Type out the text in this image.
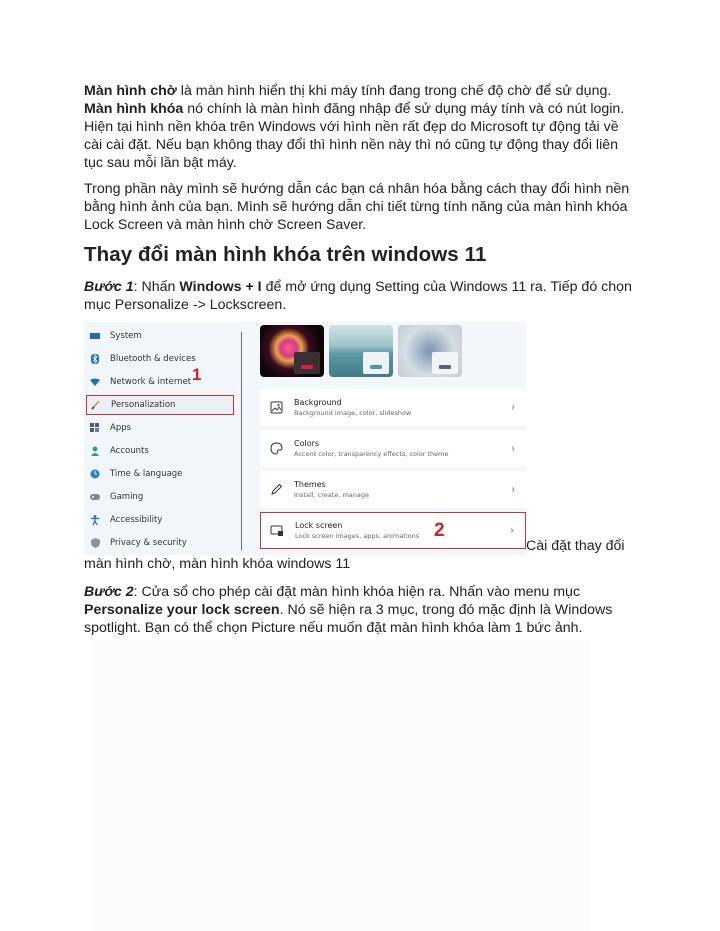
Màn hình chờ là màn hình hiển thị khi máy tính đang trong chế độ chờ để sử dụng. Màn hình khóa nó chính là màn hình đăng nhập để sử dụng máy tính và có nút login. Hiện tại hình nền khóa trên Windows với hình nền rất đẹp do Microsoft tự động tải về cài cài đặt. Nếu bạn không thay đổi thì hình nền này thì nó cũng tự động thay đổi liên tục sau mỗi lần bật máy.

Trong phần này mình sẽ hướng dẫn các bạn cá nhân hóa bằng cách thay đổi hình nền bằng hình ảnh của bạn. Mình sẽ hướng dẫn chi tiết từng tính năng của màn hình khóa Lock Screen và màn hình chờ Screen Saver.

Thay đổi màn hình khóa trên windows 11

Bước 1: Nhấn Windows + I để mở ứng dụng Setting của Windows 11 ra. Tiếp đó chọn mục Personalize -> Lockscreen.

System
Bluetooth & devices
Network & internet
Personalization
Apps
Accounts
Time & language
Gaming
Accessibility
Privacy & security
1
Background
Background image, color, slideshow	›
Colors
Accent color, transparency effects, color theme	›
Themes
Install, create, manage	›
Lock screen
Lock screen images, apps, animations	›
2
Cài đặt thay đổi
màn hình chờ, màn hình khóa windows 11

Bước 2: Cửa sổ cho phép cài đặt màn hình khóa hiện ra. Nhấn vào menu mục Personalize your lock screen. Nó sẽ hiện ra 3 mục, trong đó mặc định là Windows spotlight. Bạn có thể chọn Picture nếu muốn đặt màn hình khóa làm 1 bức ảnh.
